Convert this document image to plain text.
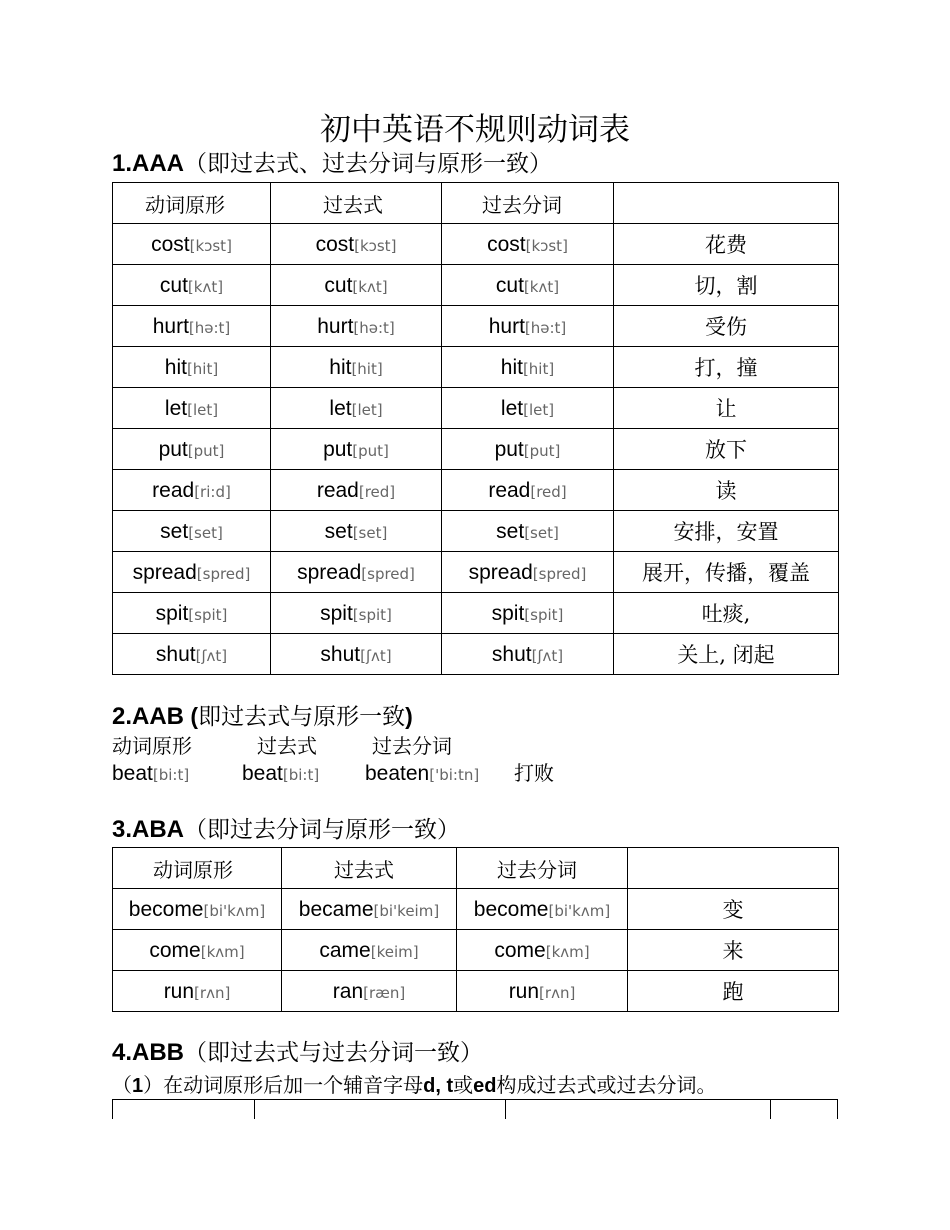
初中英语不规则动词表
1.AAA（即过去式、过去分词与原形一致）
动词原形	过去式	过去分词	
cost[kɔst]	cost[kɔst]	cost[kɔst]	花费
cut[kʌt]	cut[kʌt]	cut[kʌt]	切，割
hurt[hə:t]	hurt[hə:t]	hurt[hə:t]	受伤
hit[hit]	hit[hit]	hit[hit]	打，撞
let[let]	let[let]	let[let]	让
put[put]	put[put]	put[put]	放下
read[ri:d]	read[red]	read[red]	读
set[set]	set[set]	set[set]	安排，安置
spread[spred]	spread[spred]	spread[spred]	展开，传播，覆盖
spit[spit]	spit[spit]	spit[spit]	吐痰,
shut[ʃʌt]	shut[ʃʌt]	shut[ʃʌt]	关上, 闭起
2.AAB (即过去式与原形一致)
动词原形	过去式	过去分词
beat[bi:t]	beat[bi:t] beaten['bi:tn] 打败
3.ABA（即过去分词与原形一致）
动词原形	过去式	过去分词	
become[bi'kʌm]	became[bi'keim]	become[bi'kʌm]	变
come[kʌm]	came[keim]	come[kʌm]	来
run[rʌn]	ran[ræn]	run[rʌn]	跑
4.ABB（即过去式与过去分词一致）
（1）在动词原形后加一个辅音字母d, t或ed构成过去式或过去分词。
